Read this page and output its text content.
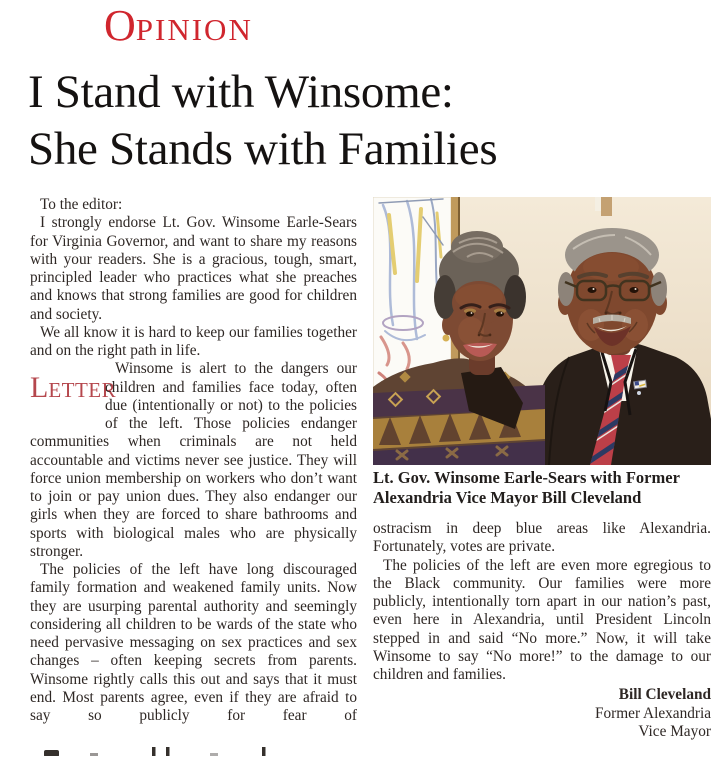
OPINION
I Stand with Winsome:
She Stands with Families

To the editor:

I strongly endorse Lt. Gov. Winsome Earle-Sears for Virginia Governor, and want to share my reasons with your readers. She is a gracious, tough, smart, principled leader who practices what she preaches and knows that strong families are good for children and society.

We all know it is hard to keep our families together and on the right path in life.

LETTER
Winsome is alert to the dangers our children and families face today, often due (intentionally or not) to the policies of the left. Those policies endanger communities when criminals are not held accountable and victims never see justice. They will force union membership on workers who don’t want to join or pay union dues. They also endanger our girls when they are forced to share bathrooms and sports with biological males who are physically stronger.

The policies of the left have long discouraged family formation and weakened family units. Now they are usurping parental authority and seemingly considering all children to be wards of the state who need pervasive messaging on sex practices and sex changes – often keeping secrets from parents. Winsome rightly calls this out and says that it must end. Most parents agree, even if they are afraid to say so publicly for fear of

Lt. Gov. Winsome Earle-Sears with Former
Alexandria Vice Mayor Bill Cleveland

ostracism in deep blue areas like Alexandria. Fortunately, votes are private.

The policies of the left are even more egregious to the Black community. Our families were more publicly, intentionally torn apart in our nation’s past, even here in Alexandria, until President Lincoln stepped in and said “No more.” Now, it will take Winsome to say “No more!” to the damage to our children and families.

Bill Cleveland
Former Alexandria
Vice Mayor
